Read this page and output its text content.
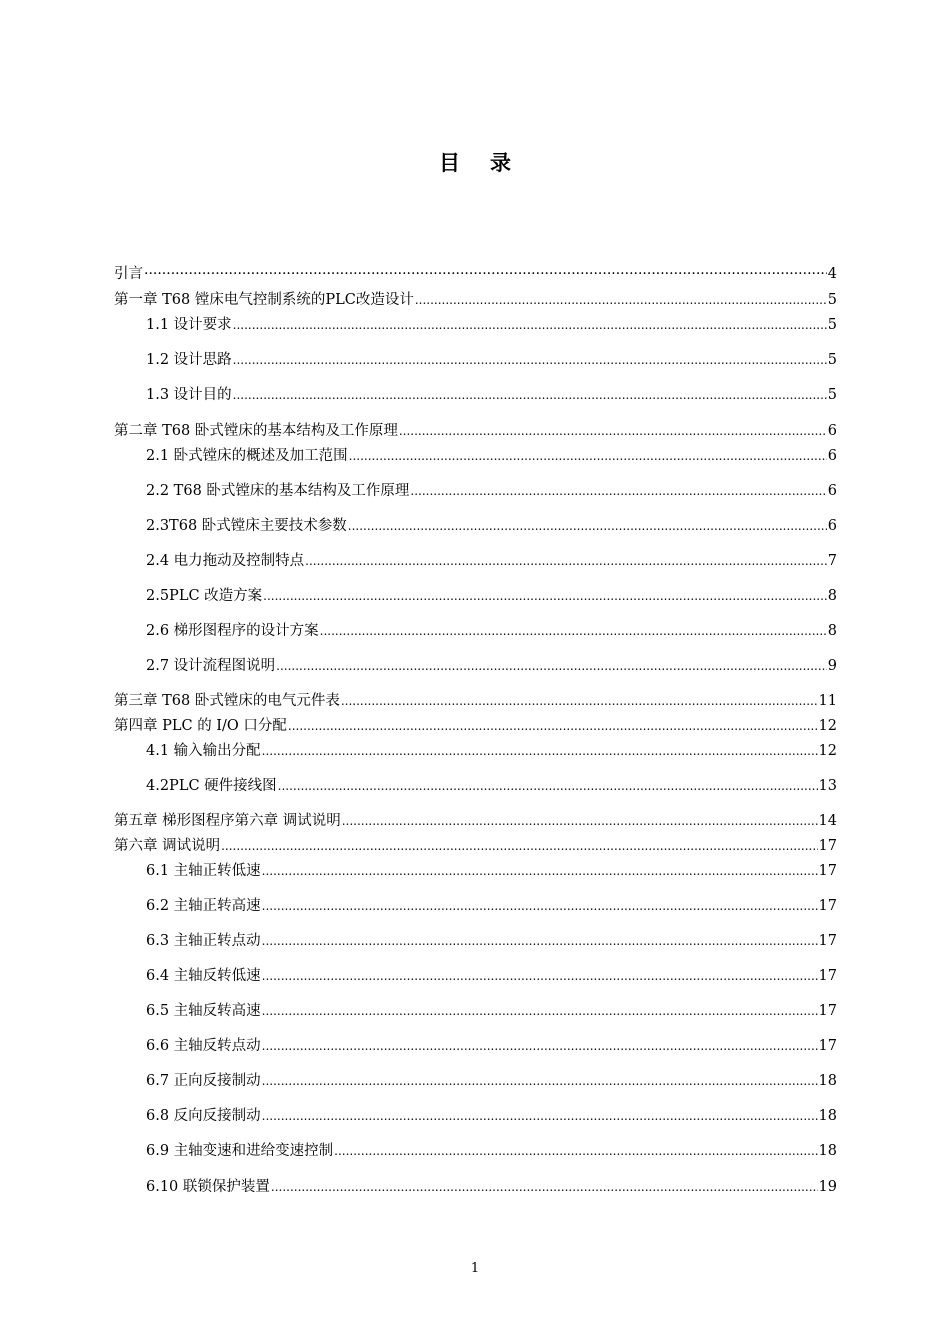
目 录
引言 ·····	4
第一章 T68 镗床电气控制系统的PLC改造设计 .....	5
1.1 设计要求 .....	5
1.2 设计思路 .....	5
1.3 设计目的 .....	5
第二章 T68 卧式镗床的基本结构及工作原理 .....	6
2.1 卧式镗床的概述及加工范围 .....	6
2.2 T68 卧式镗床的基本结构及工作原理 .....	6
2.3T68 卧式镗床主要技术参数 .....	6
2.4 电力拖动及控制特点 .....	7
2.5PLC 改造方案 .....	8
2.6 梯形图程序的设计方案 .....	8
2.7 设计流程图说明 .....	9
第三章 T68 卧式镗床的电气元件表 .....	11
第四章 PLC 的 I/O 口分配 .....	12
4.1 输入输出分配 .....	12
4.2PLC 硬件接线图 .....	13
第五章 梯形图程序第六章 调试说明 .....	14
第六章 调试说明 .....	17
6.1 主轴正转低速 .....	17
6.2 主轴正转高速 .....	17
6.3 主轴正转点动 .....	17
6.4 主轴反转低速 .....	17
6.5 主轴反转高速 .....	17
6.6 主轴反转点动 .....	17
6.7 正向反接制动 .....	18
6.8 反向反接制动 .....	18
6.9 主轴变速和进给变速控制 .....	18
6.10 联锁保护装置 .....	19
1
